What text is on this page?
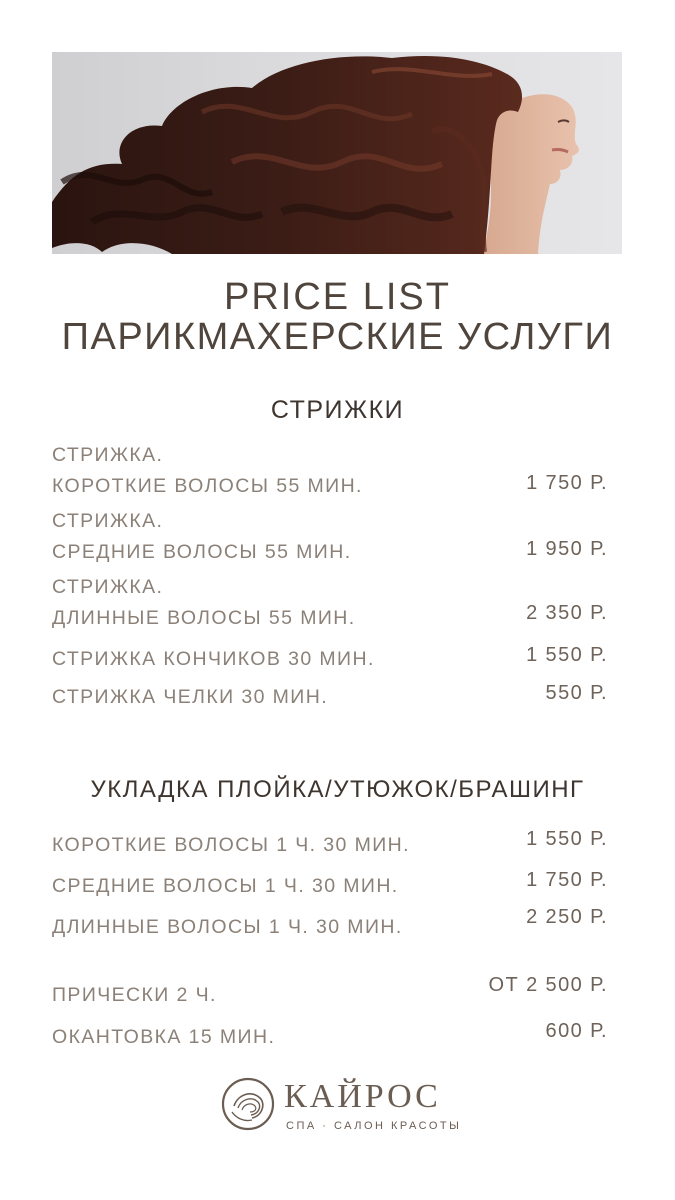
PRICE LIST
ПАРИКМАХЕРСКИЕ УСЛУГИ
СТРИЖКИ
СТРИЖКА.
КОРОТКИЕ ВОЛОСЫ 55 МИН.	1 750 Р.
СТРИЖКА.
СРЕДНИЕ ВОЛОСЫ 55 МИН.	1 950 Р.
СТРИЖКА.
ДЛИННЫЕ ВОЛОСЫ 55 МИН.	2 350 Р.
СТРИЖКА КОНЧИКОВ 30 МИН.	1 550 Р.
СТРИЖКА ЧЕЛКИ 30 МИН.	550 Р.
УКЛАДКА ПЛОЙКА/УТЮЖОК/БРАШИНГ
КОРОТКИЕ ВОЛОСЫ 1 Ч. 30 МИН.	1 550 Р.
СРЕДНИЕ ВОЛОСЫ 1 Ч. 30 МИН.	1 750 Р.
ДЛИННЫЕ ВОЛОСЫ 1 Ч. 30 МИН.	2 250 Р.
ПРИЧЕСКИ 2 Ч.	ОТ 2 500 Р.
ОКАНТОВКА 15 МИН.	600 Р.
КАЙРОС
СПА · САЛОН КРАСОТЫ
